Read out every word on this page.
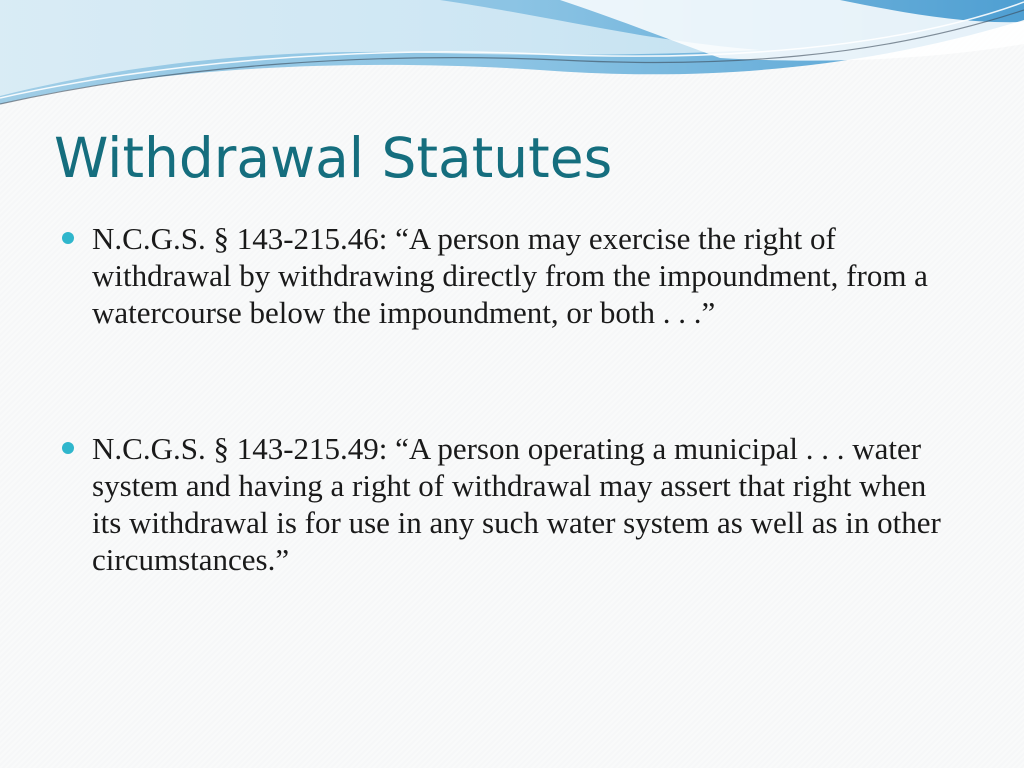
Withdrawal Statutes
N.C.G.S. § 143-215.46: “A person may exercise the right of withdrawal by withdrawing directly from the impoundment, from a watercourse below the impoundment, or both . . .”
N.C.G.S. § 143-215.49: “A person operating a municipal . . . water system and having a right of withdrawal may assert that right when its withdrawal is for use in any such water system as well as in other circumstances.”
